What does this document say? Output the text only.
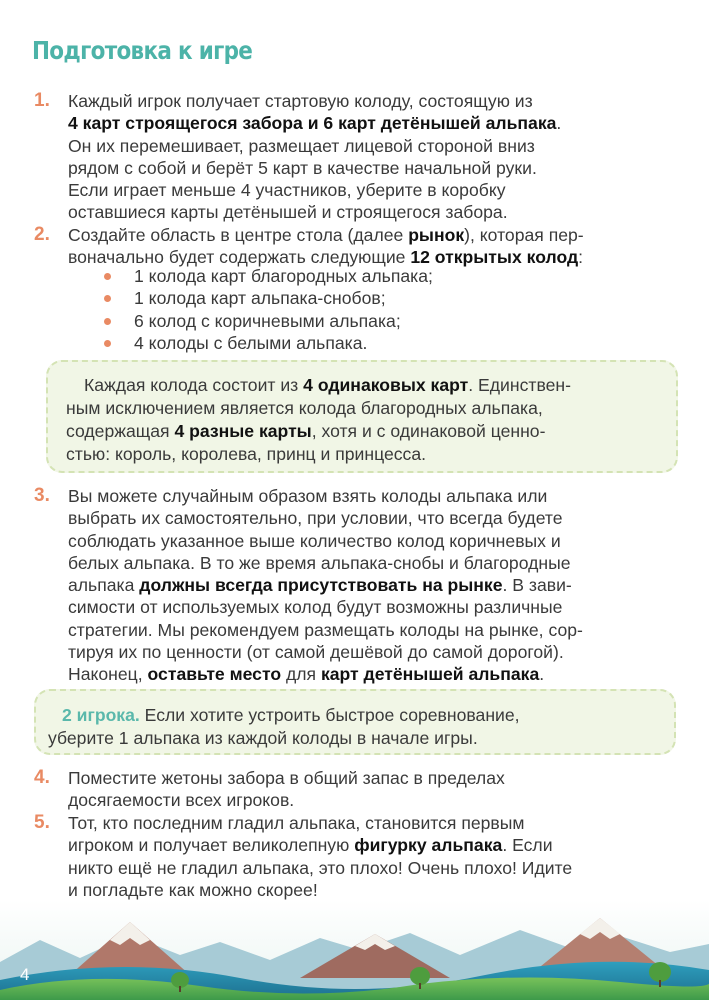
Подготовка к игре
1. Каждый игрок получает стартовую колоду, состоящую из
4 карт строящегося забора и 6 карт детёнышей альпака.
Он их перемешивает, размещает лицевой стороной вниз
рядом с собой и берёт 5 карт в качестве начальной руки.
Если играет меньше 4 участников, уберите в коробку
оставшиеся карты детёнышей и строящегося забора.
2. Создайте область в центре стола (далее рынок), которая пер-
воначально будет содержать следующие 12 открытых колод:
1 колода карт благородных альпака;
1 колода карт альпака-снобов;
6 колод с коричневыми альпака;
4 колоды с белыми альпака.
Каждая колода состоит из 4 одинаковых карт. Единствен-
ным исключением является колода благородных альпака,
содержащая 4 разные карты, хотя и с одинаковой ценно-
стью: король, королева, принц и принцесса.
3. Вы можете случайным образом взять колоды альпака или
выбрать их самостоятельно, при условии, что всегда будете
соблюдать указанное выше количество колод коричневых и
белых альпака. В то же время альпака-снобы и благородные
альпака должны всегда присутствовать на рынке. В зави-
симости от используемых колод будут возможны различные
стратегии. Мы рекомендуем размещать колоды на рынке, сор-
тируя их по ценности (от самой дешёвой до самой дорогой).
Наконец, оставьте место для карт детёнышей альпака.
2 игрока. Если хотите устроить быстрое соревнование,
уберите 1 альпака из каждой колоды в начале игры.
4. Поместите жетоны забора в общий запас в пределах
досягаемости всех игроков.
5. Тот, кто последним гладил альпака, становится первым
игроком и получает великолепную фигурку альпака. Если
никто ещё не гладил альпака, это плохо! Очень плохо! Идите
и погладьте как можно скорее!
4
